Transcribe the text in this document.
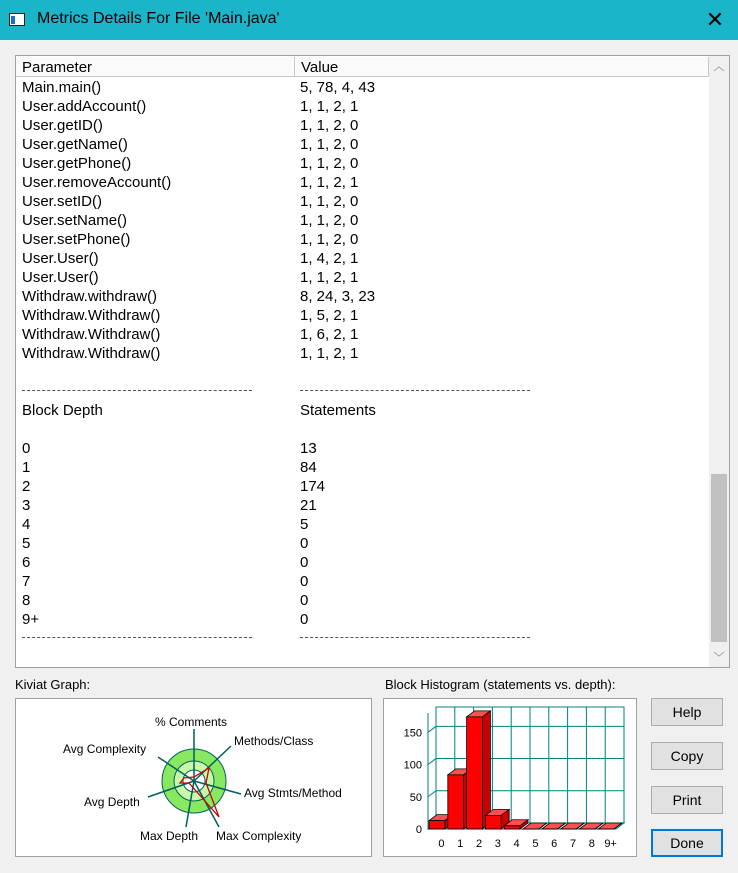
Metrics Details For File 'Main.java'	✕
Parameter	Value
Main.main()	5, 78, 4, 43
User.addAccount()	1, 1, 2, 1
User.getID()	1, 1, 2, 0
User.getName()	1, 1, 2, 0
User.getPhone()	1, 1, 2, 0
User.removeAccount()	1, 1, 2, 1
User.setID()	1, 1, 2, 0
User.setName()	1, 1, 2, 0
User.setPhone()	1, 1, 2, 0
User.User()	1, 4, 2, 1
User.User()	1, 1, 2, 1
Withdraw.withdraw()	8, 24, 3, 23
Withdraw.Withdraw()	1, 5, 2, 1
Withdraw.Withdraw()	1, 6, 2, 1
Withdraw.Withdraw()	1, 1, 2, 1
Block Depth	Statements
0	13
1	84
2	174
3	21
4	5
5	0
6	0
7	0
8	0
9+	0
︿
﹀
Kiviat Graph:
% Comments
Methods/Class
Avg Stmts/Method
Max Complexity
Max Depth
Avg Depth
Avg Complexity
Block Histogram (statements vs. depth):
0
50
100
150
0 1 2 3 4 5 6 7 8 9+
Help
Copy
Print
Done
